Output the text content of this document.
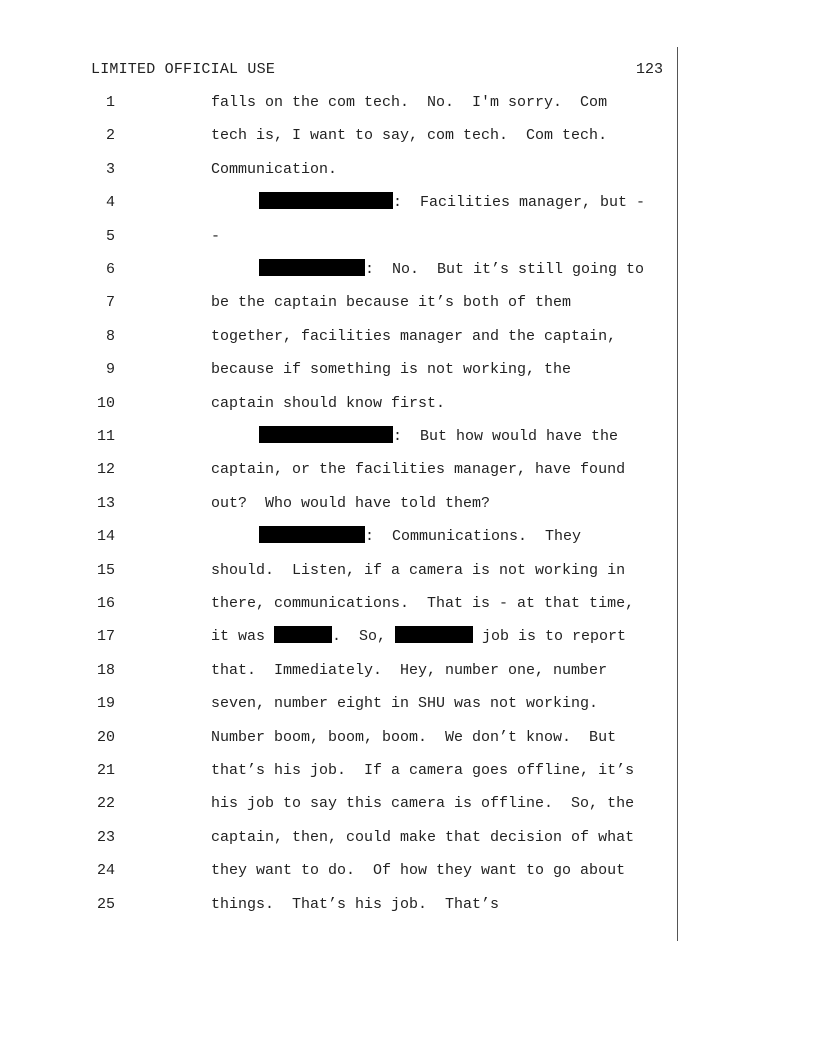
LIMITED OFFICIAL USE	123
1	falls on the com tech.  No.  I'm sorry.  Com
2	tech is, I want to say, com tech.  Com tech.
3	Communication.
4	:  Facilities manager, but -
5	-
6	:  No.  But it’s still going to
7	be the captain because it’s both of them
8	together, facilities manager and the captain,
9	because if something is not working, the
10	captain should know first.
11	:  But how would have the
12	captain, or the facilities manager, have found
13	out?  Who would have told them?
14	:  Communications.  They
15	should.  Listen, if a camera is not working in
16	there, communications.  That is - at that time,
17	it was	.  So,	job is to report
18	that.  Immediately.  Hey, number one, number
19	seven, number eight in SHU was not working.
20	Number boom, boom, boom.  We don’t know.  But
21	that’s his job.  If a camera goes offline, it’s
22	his job to say this camera is offline.  So, the
23	captain, then, could make that decision of what
24	they want to do.  Of how they want to go about
25	things.  That’s his job.  That’s
